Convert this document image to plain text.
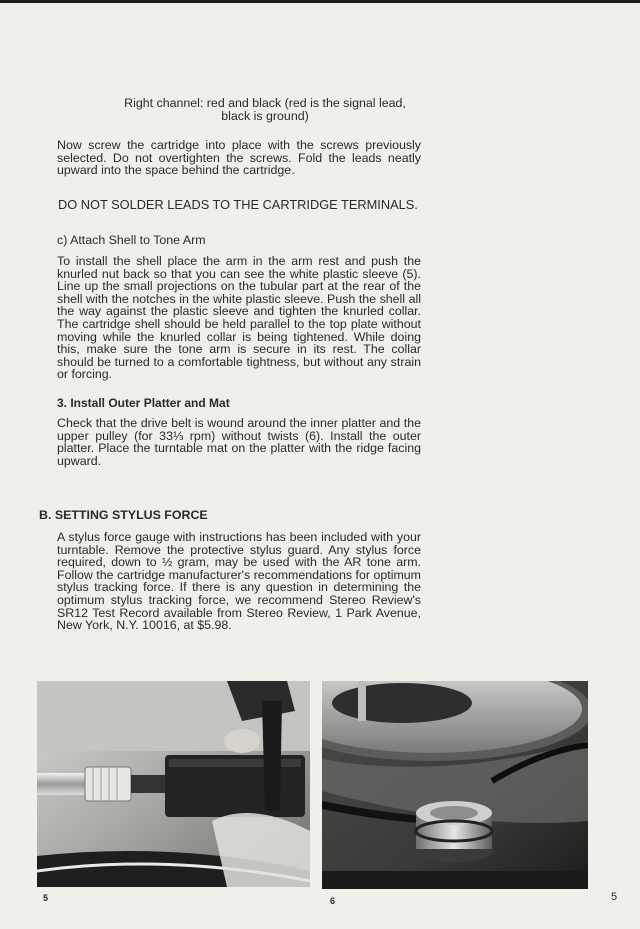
Right channel: red and black (red is the signal lead,

black is ground)

Now screw the cartridge into place with the screws previously selected. Do not overtighten the screws. Fold the leads neatly upward into the space behind the cartridge.

DO NOT SOLDER LEADS TO THE CARTRIDGE TERMINALS.

c) Attach Shell to Tone Arm

To install the shell place the arm in the arm rest and push the knurled nut back so that you can see the white plastic sleeve (5). Line up the small projections on the tubular part at the rear of the shell with the notches in the white plastic sleeve. Push the shell all the way against the plastic sleeve and tighten the knurled collar. The cartridge shell should be held parallel to the top plate without moving while the knurled collar is being tightened. While doing this, make sure the tone arm is secure in its rest. The collar should be turned to a comfortable tightness, but without any strain or forcing.

3. Install Outer Platter and Mat

Check that the drive belt is wound around the inner platter and the upper pulley (for 33⅓ rpm) without twists (6). Install the outer platter. Place the turntable mat on the platter with the ridge facing upward.

B. SETTING STYLUS FORCE

A stylus force gauge with instructions has been included with your turntable. Remove the protective stylus guard. Any stylus force required, down to ½ gram, may be used with the AR tone arm. Follow the cartridge manufacturer's recommendations for optimum stylus tracking force. If there is any question in determining the optimum stylus tracking force, we recommend Stereo Review's SR12 Test Record available from Stereo Review, 1 Park Avenue, New York, N.Y. 10016, at $5.98.

5	6	5
